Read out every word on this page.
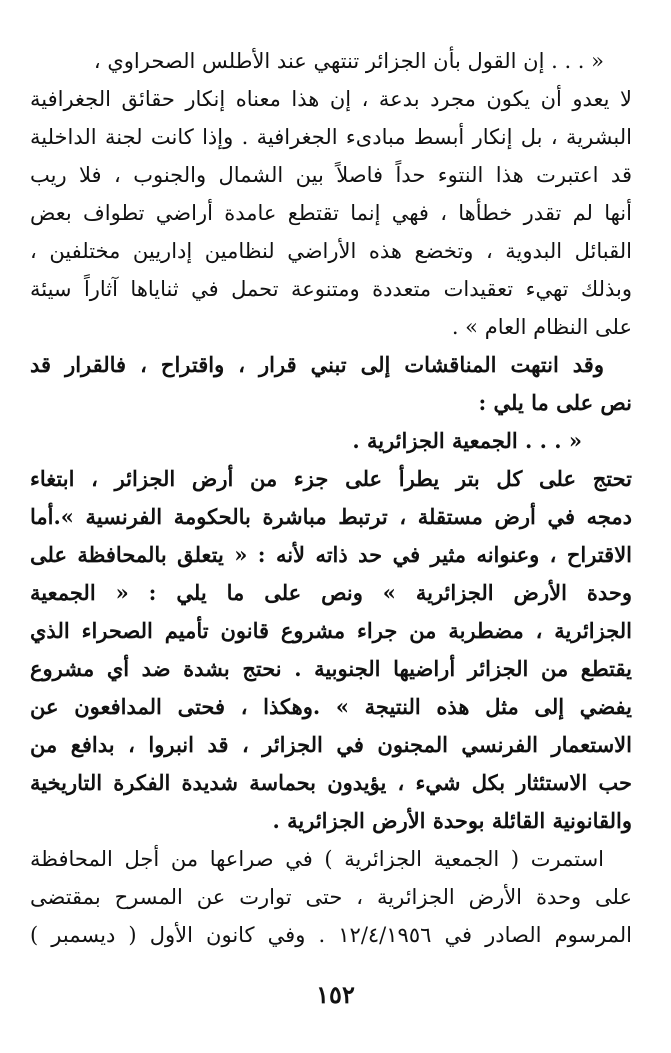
« . . . إن القول بأن الجزائر تنتهي عند الأطلس الصحراوي ،
لا يعدو أن يكون مجرد بدعة ، إن هذا معناه إنكار حقائق الجغرافية
البشرية ، بل إنكار أبسط مبادىء الجغرافية . وإذا كانت لجنة الداخلية
قد اعتبرت هذا النتوء حداً فاصلاً بين الشمال والجنوب ، فلا ريب
أنها لم تقدر خطأها ، فهي إنما تقتطع عامدة أراضي تطواف بعض
القبائل البدوية ، وتخضع هذه الأراضي لنظامين إداريين مختلفين ،
وبذلك تهيء تعقيدات متعددة ومتنوعة تحمل في ثناياها آثاراً سيئة
على النظام العام » .
وقد انتهت المناقشات إلى تبني قرار ، واقتراح ، فالقرار قد
نص على ما يلي :
« . . . الجمعية الجزائرية .
تحتج على كل بتر يطرأ على جزء من أرض الجزائر ، ابتغاء
دمجه في أرض مستقلة ، ترتبط مباشرة بالحكومة الفرنسية ».أما
الاقتراح ، وعنوانه مثير في حد ذاته لأنه : « يتعلق بالمحافظة على
وحدة الأرض الجزائرية » ونص على ما يلي : « الجمعية
الجزائرية ، مضطربة من جراء مشروع قانون تأميم الصحراء الذي
يقتطع من الجزائر أراضيها الجنوبية . نحتج بشدة ضد أي مشروع
يفضي إلى مثل هذه النتيجة » .وهكذا ، فحتى المدافعون عن
الاستعمار الفرنسي المجنون في الجزائر ، قد انبروا ، بدافع من
حب الاستئثار بكل شيء ، يؤيدون بحماسة شديدة الفكرة التاريخية
والقانونية القائلة بوحدة الأرض الجزائرية .
استمرت ( الجمعية الجزائرية ) في صراعها من أجل المحافظة
على وحدة الأرض الجزائرية ، حتى توارت عن المسرح بمقتضى
المرسوم الصادر في ١٢/٤/١٩٥٦ . وفي كانون الأول ( ديسمبر )
١٥٢
